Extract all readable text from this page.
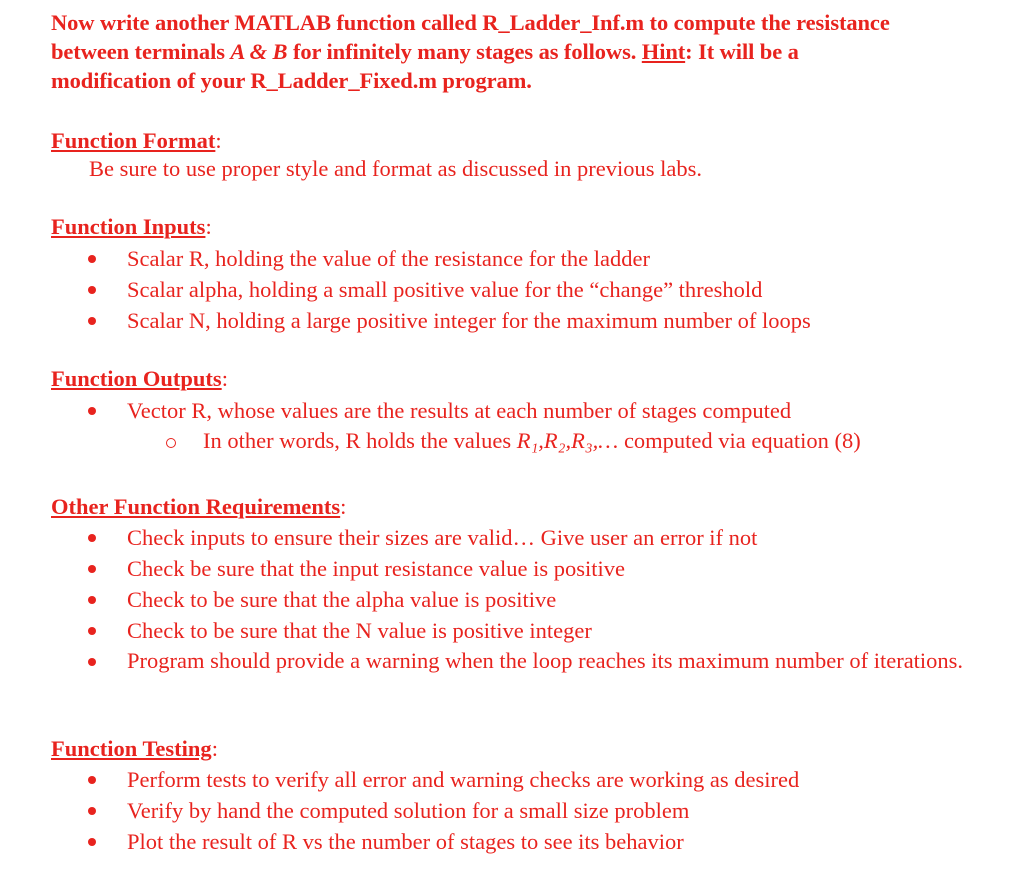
Now write another MATLAB function called R_Ladder_Inf.m to compute the resistance
between terminals A & B for infinitely many stages as follows. Hint: It will be a
modification of your R_Ladder_Fixed.m program.
Function Format:
Be sure to use proper style and format as discussed in previous labs.
Function Inputs:
Scalar R, holding the value of the resistance for the ladder
Scalar alpha, holding a small positive value for the “change” threshold
Scalar N, holding a large positive integer for the maximum number of loops
Function Outputs:
Vector R, whose values are the results at each number of stages computed
In other words, R holds the values R₁,R₂,R₃,… computed via equation (8)
Other Function Requirements:
Check inputs to ensure their sizes are valid… Give user an error if not
Check be sure that the input resistance value is positive
Check to be sure that the alpha value is positive
Check to be sure that the N value is positive integer
Program should provide a warning when the loop reaches its maximum number of iterations.
Function Testing:
Perform tests to verify all error and warning checks are working as desired
Verify by hand the computed solution for a small size problem
Plot the result of R vs the number of stages to see its behavior
